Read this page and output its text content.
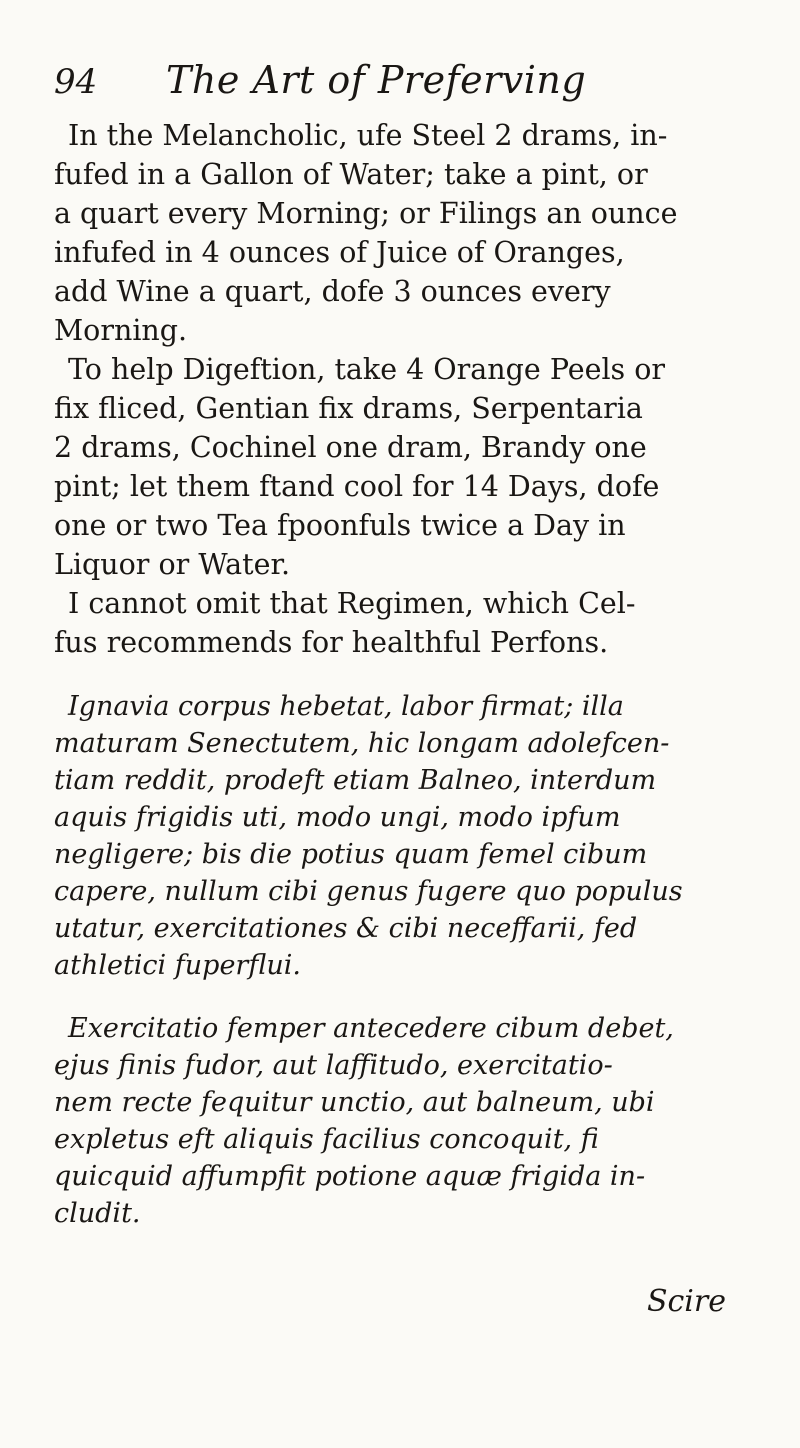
94	The Art of Preferving

In the Melancholic, ufe Steel 2 drams, in-
fufed in a Gallon of Water; take a pint, or
a quart every Morning; or Filings an ounce
infufed in 4 ounces of Juice of Oranges,
add Wine a quart, dofe 3 ounces every
Morning.

To help Digeftion, take 4 Orange Peels or
fix fliced, Gentian fix drams, Serpentaria
2 drams, Cochinel one dram, Brandy one
pint; let them ftand cool for 14 Days, dofe
one or two Tea fpoonfuls twice a Day in
Liquor or Water.

I cannot omit that Regimen, which Cel-
fus recommends for healthful Perfons.

Ignavia corpus hebetat, labor firmat; illa
maturam Senectutem, hic longam adolefcen-
tiam reddit, prodeft etiam Balneo, interdum
aquis frigidis uti, modo ungi, modo ipfum
negligere; bis die potius quam femel cibum
capere, nullum cibi genus fugere quo populus
utatur, exercitationes & cibi neceffarii, fed
athletici fuperflui.

Exercitatio femper antecedere cibum debet,
ejus finis fudor, aut laffitudo, exercitatio-
nem recte fequitur unctio, aut balneum, ubi
expletus eft aliquis facilius concoquit, fi
quicquid affumpfit potione aquæ frigida in-
cludit.

Scire
